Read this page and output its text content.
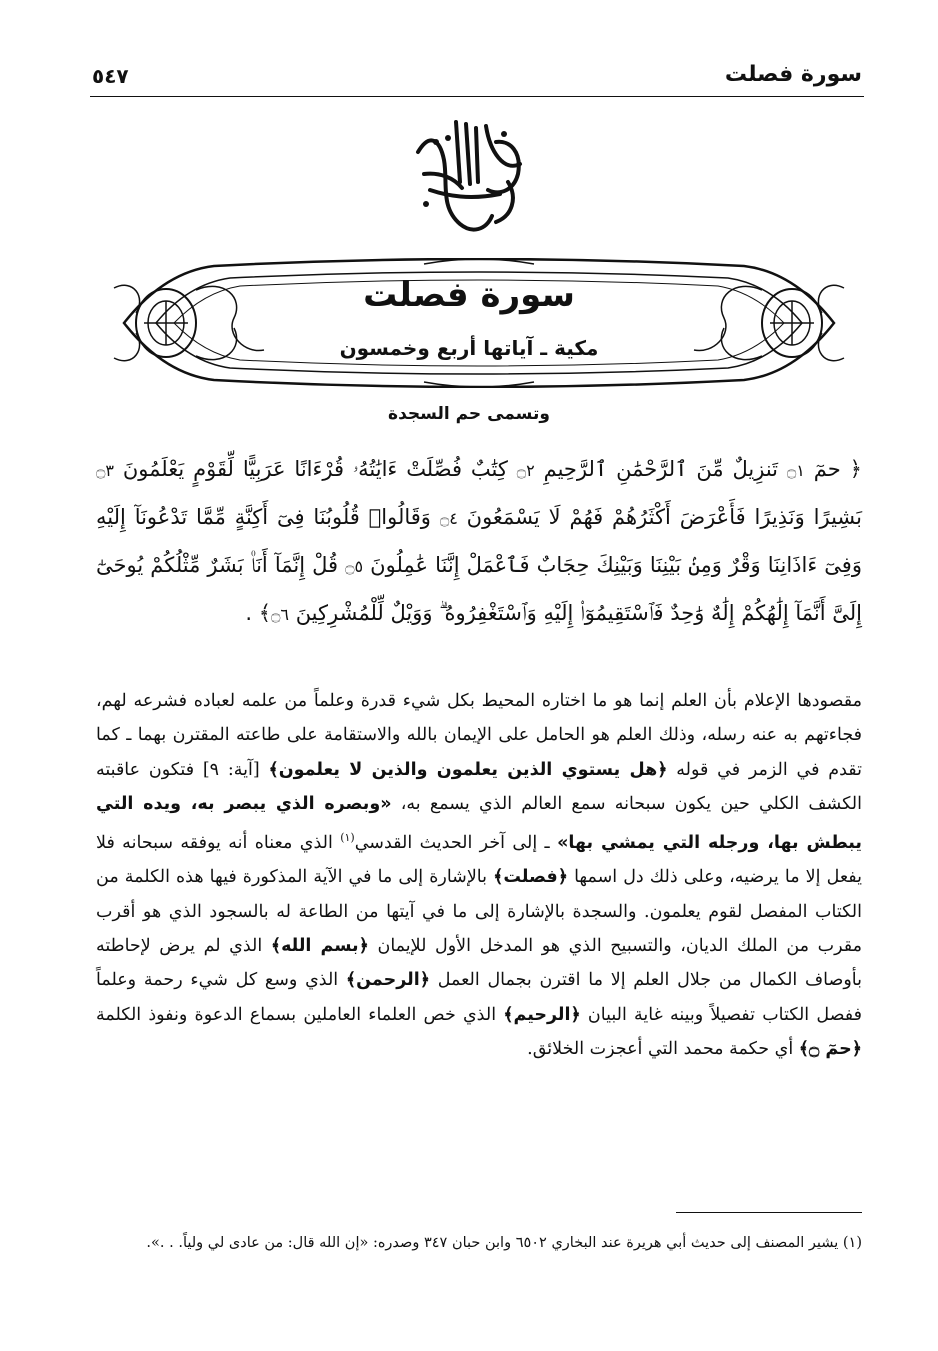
سورة فصلت
٥٤٧
سورة فصلت
مكية ـ آياتها أربع وخمسون
وتسمى حم السجدة
﴿ حمٓ ۝١ تَنزِيلٌ مِّنَ ٱلرَّحْمَٰنِ ٱلرَّحِيمِ ۝٢ كِتَٰبٌ فُصِّلَتْ ءَايَٰتُهُۥ قُرْءَانًا عَرَبِيًّا لِّقَوْمٍ يَعْلَمُونَ ۝٣ بَشِيرًا وَنَذِيرًا فَأَعْرَضَ أَكْثَرُهُمْ فَهُمْ لَا يَسْمَعُونَ ۝٤ وَقَالُوا۟ قُلُوبُنَا فِىٓ أَكِنَّةٍ مِّمَّا تَدْعُونَآ إِلَيْهِ وَفِىٓ ءَاذَانِنَا وَقْرٌ وَمِنۢ بَيْنِنَا وَبَيْنِكَ حِجَابٌ فَٱعْمَلْ إِنَّنَا عَٰمِلُونَ ۝٥ قُلْ إِنَّمَآ أَنَا۠ بَشَرٌ مِّثْلُكُمْ يُوحَىٰٓ إِلَىَّ أَنَّمَآ إِلَٰهُكُمْ إِلَٰهٌ وَٰحِدٌ فَٱسْتَقِيمُوٓا۟ إِلَيْهِ وَٱسْتَغْفِرُوهُ ۗ وَوَيْلٌ لِّلْمُشْرِكِينَ ۝٦﴾ .
مقصودها الإعلام بأن العلم إنما هو ما اختاره المحيط بكل شيء قدرة وعلماً من علمه لعباده فشرعه لهم، فجاءتهم به عنه رسله، وذلك العلم هو الحامل على الإيمان بالله والاستقامة على طاعته المقترن بهما ـ كما تقدم في الزمر في قوله ﴿هل يستوي الذين يعلمون والذين لا يعلمون﴾ [آية: ٩] فتكون عاقبته الكشف الكلي حين يكون سبحانه سمع العالم الذي يسمع به، «وبصره الذي يبصر به، ويده التي يبطش بها، ورجله التي يمشي بها» ـ إلى آخر الحديث القدسي$^{(١)}$ الذي معناه أنه يوفقه سبحانه فلا يفعل إلا ما يرضيه، وعلى ذلك دل اسمها ﴿فصلت﴾ بالإشارة إلى ما في الآية المذكورة فيها هذه الكلمة من الكتاب المفصل لقوم يعلمون. والسجدة بالإشارة إلى ما في آيتها من الطاعة له بالسجود الذي هو أقرب مقرب من الملك الديان، والتسبيح الذي هو المدخل الأول للإيمان ﴿بسم الله﴾ الذي لم يرض لإحاطته بأوصاف الكمال من جلال العلم إلا ما اقترن بجمال العمل ﴿الرحمن﴾ الذي وسع كل شيء رحمة وعلماً ففصل الكتاب تفصيلاً وبينه غاية البيان ﴿الرحيم﴾ الذي خص العلماء العاملين بسماع الدعوة ونفوذ الكلمة ﴿حمٓ ۝﴾ أي حكمة محمد التي أعجزت الخلائق.
(١) يشير المصنف إلى حديث أبي هريرة عند البخاري ٦٥٠٢ وابن حبان ٣٤٧ وصدره: «إن الله قال: من عادى لي ولياً. . .».
